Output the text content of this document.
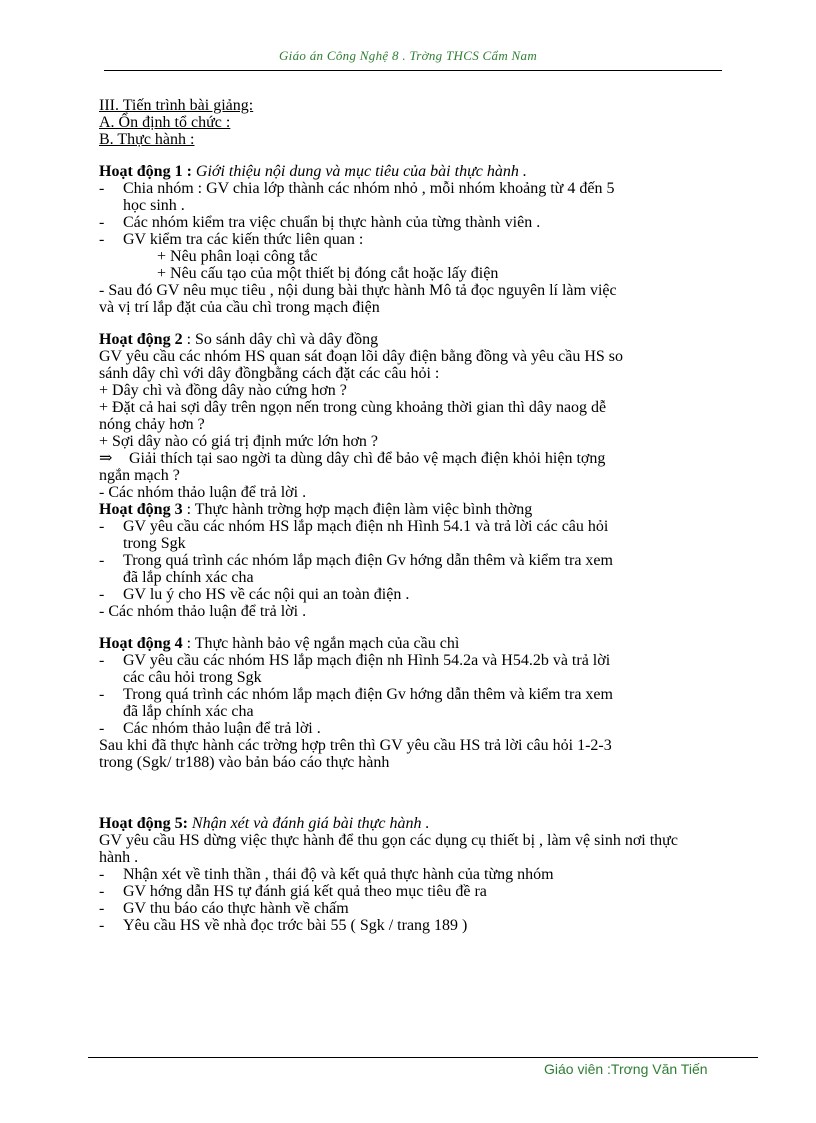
Giáo án Công Nghệ 8 . Trờng THCS Cẩm Nam
III. Tiến trình bài giảng:
A. Ổn định tổ chức :
B. Thực hành :
Hoạt động 1 : Giới thiệu nội dung và mục tiêu của bài thực hành .
-	Chia nhóm : GV chia lớp thành các nhóm nhỏ , mỗi nhóm khoảng từ 4 đến 5
học sinh .
-	Các nhóm kiểm tra việc chuẩn bị thực hành của từng thành viên .
-	GV kiểm tra các kiến thức liên quan :
+ Nêu phân loại công tắc
+ Nêu cấu tạo của một thiết bị đóng cắt hoặc lấy điện
- Sau đó GV nêu mục tiêu , nội dung bài thực hành Mô tả đọc nguyên lí làm việc
và vị trí lắp đặt của cầu chì trong mạch điện
Hoạt động 2 : So sánh dây chì và dây đồng
GV yêu cầu các nhóm HS quan sát đoạn lõi dây điện bằng đồng và yêu cầu HS so
sánh dây chì với dây đồngbằng cách đặt các câu hỏi :
+ Dây chì và đồng dây nào cứng hơn ?
+ Đặt cả hai sợi dây trên ngọn nến trong cùng khoảng thời gian thì dây naog dễ
nóng chảy hơn ?
+ Sợi dây nào có giá trị định mức lớn hơn ?
⇒ Giải thích tại sao ngời ta dùng dây chì để bảo vệ mạch điện khỏi hiện tợng
ngắn mạch ?
- Các nhóm thảo luận để trả lời .
Hoạt động 3 : Thực hành trờng hợp mạch điện làm việc bình thờng
-	GV yêu cầu các nhóm HS lắp mạch điện nh Hình 54.1 và trả lời các câu hỏi
trong Sgk
-	Trong quá trình các nhóm lắp mạch điện Gv hớng dẫn thêm và kiểm tra xem
đã lắp chính xác cha
-	GV lu ý cho HS về các nội qui an toàn điện .
- Các nhóm thảo luận để trả lời .
Hoạt động 4 : Thực hành bảo vệ ngắn mạch của cầu chì
-	GV yêu cầu các nhóm HS lắp mạch điện nh Hình 54.2a và H54.2b và trả lời
các câu hỏi trong Sgk
-	Trong quá trình các nhóm lắp mạch điện Gv hớng dẫn thêm và kiểm tra xem
đã lắp chính xác cha
-	Các nhóm thảo luận để trả lời .
Sau khi đã thực hành các trờng hợp trên thì GV yêu cầu HS trả lời câu hỏi 1-2-3
trong (Sgk/ tr188) vào bản báo cáo thực hành
Hoạt động 5: Nhận xét và đánh giá bài thực hành .
GV yêu cầu HS dừng việc thực hành để thu gọn các dụng cụ thiết bị , làm vệ sinh nơi thực
hành .
-	Nhận xét về tinh thần , thái độ và kết quả thực hành của từng nhóm
-	GV hớng dẫn HS tự đánh giá kết quả theo mục tiêu đề ra
-	GV thu báo cáo thực hành về chấm
-	Yêu cầu HS về nhà đọc trớc bài 55 ( Sgk / trang 189 )
Giáo viên :Trơng Văn Tiến
